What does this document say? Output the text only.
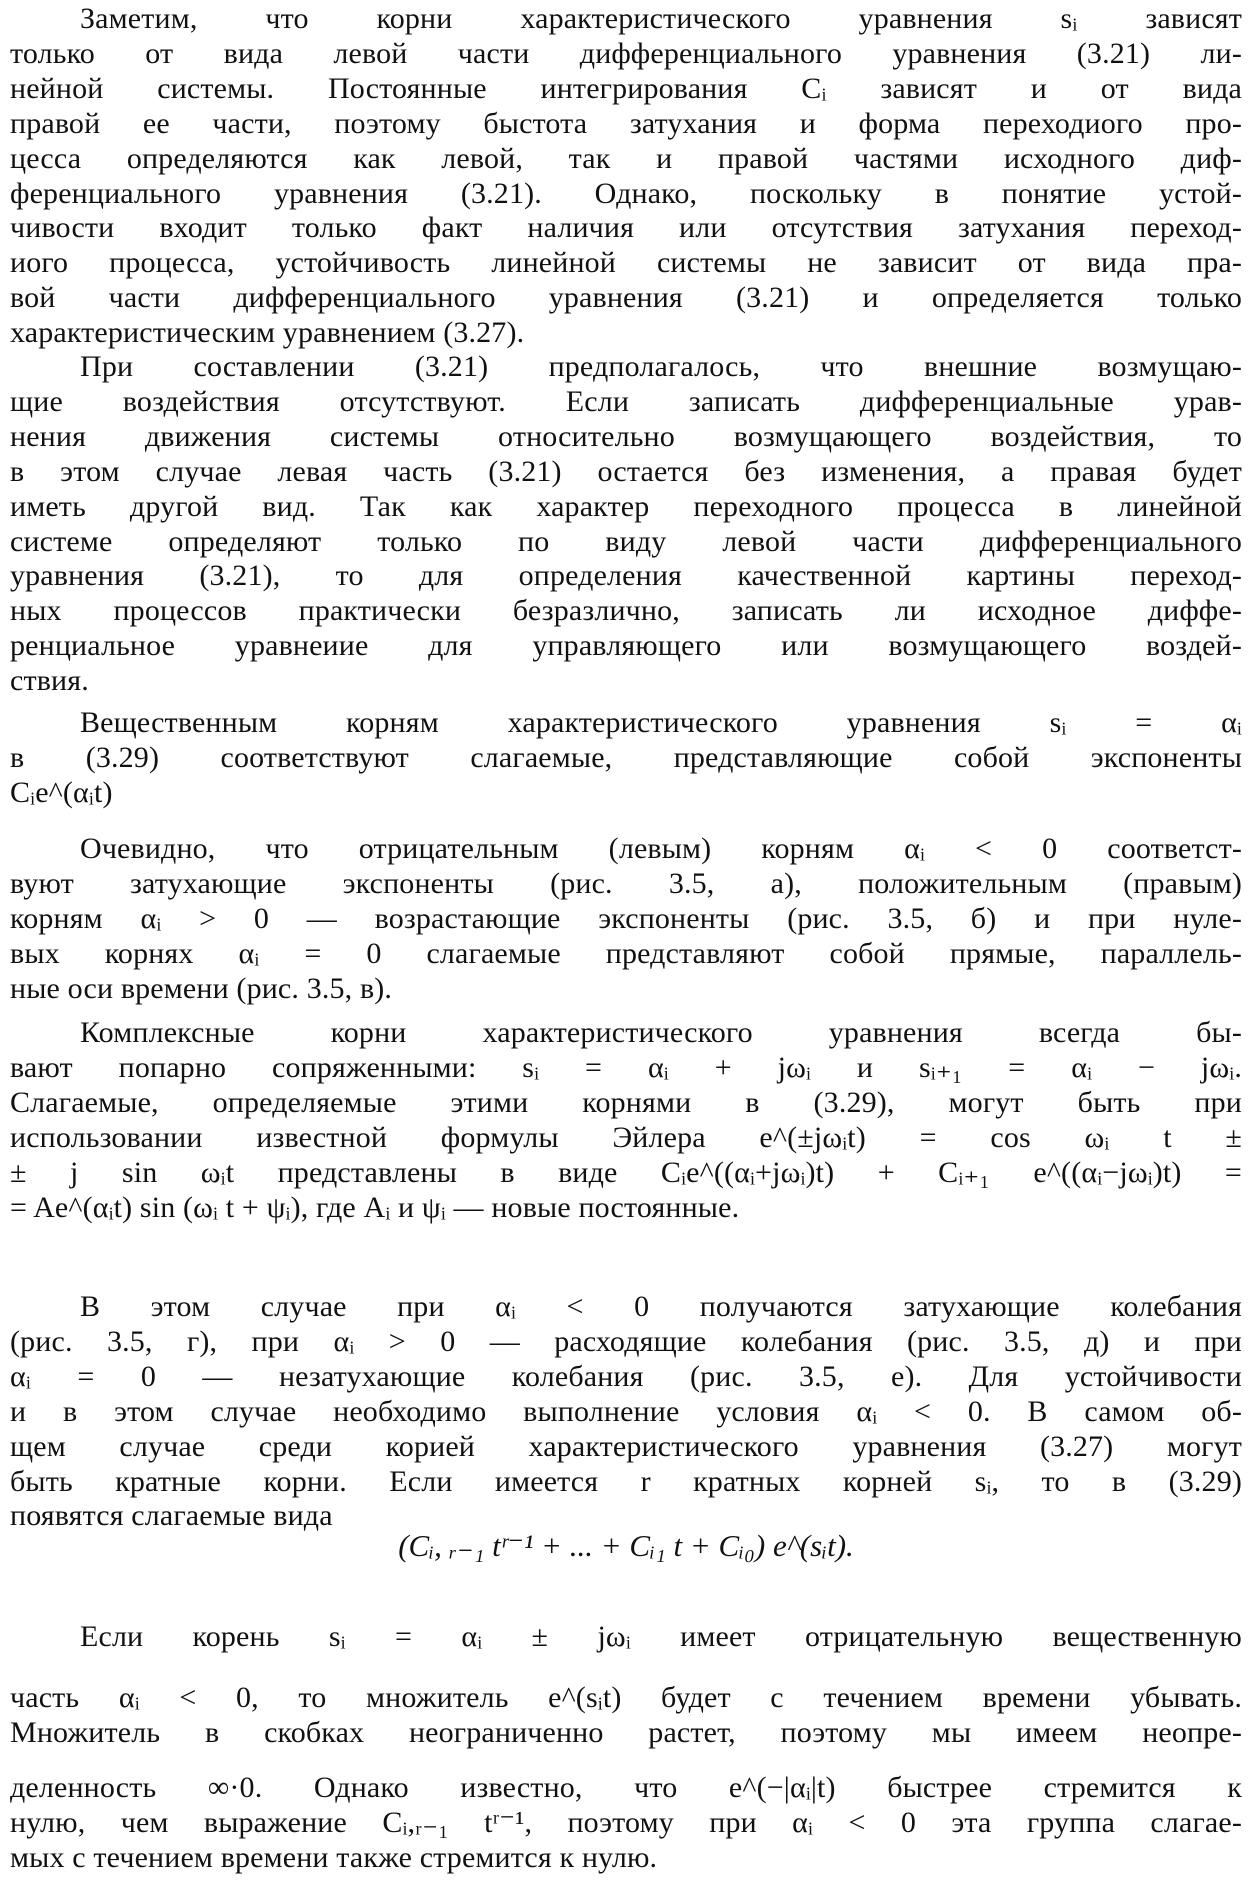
Заметим, что корни характеристического уравнения sᵢ зависят
только от вида левой части дифференциального уравнения (3.21) ли-
нейной системы. Постоянные интегрирования Cᵢ зависят и от вида
правой ее части, поэтому быстота затухания и форма переходиого про-
цесса определяются как левой, так и правой частями исходного диф-
ференциального уравнения (3.21). Однако, поскольку в понятие устой-
чивости входит только факт наличия или отсутствия затухания переход-
иого процесса, устойчивость линейной системы не зависит от вида пра-
вой части дифференциального уравнения (3.21) и определяется только
характеристическим уравнением (3.27).
При составлении (3.21) предполагалось, что внешние возмущаю-
щие воздействия отсутствуют. Если записать дифференциальные урав-
нения движения системы относительно возмущающего воздействия, то
в этом случае левая часть (3.21) остается без изменения, а правая будет
иметь другой вид. Так как характер переходного процесса в линейной
системе определяют только по виду левой части дифференциального
уравнения (3.21), то для определения качественной картины переход-
ных процессов практически безразлично, записать ли исходное диффе-
ренциальное уравнеиие для управляющего или возмущающего воздей-
ствия.
Вещественным корням характеристического уравнения sᵢ = αᵢ
в (3.29) соответствуют слагаемые, представляющие собой экспоненты
Cᵢe^(αᵢt)
Очевидно, что отрицательным (левым) корням αᵢ < 0 соответст-
вуют затухающие экспоненты (рис. 3.5, а), положительным (правым)
корням αᵢ > 0 — возрастающие экспоненты (рис. 3.5, б) и при нуле-
вых корнях αᵢ = 0 слагаемые представляют собой прямые, параллель-
ные оси времени (рис. 3.5, в).
Комплексные корни характеристического уравнения всегда бы-
вают попарно сопряженными: sᵢ = αᵢ + jωᵢ и sᵢ₊₁ = αᵢ − jωᵢ.
Слагаемые, определяемые этими корнями в (3.29), могут быть при
использовании известной формулы Эйлера e^(±jωᵢt) = cos ωᵢ t ±
± j sin ωᵢt представлены в виде Cᵢe^((αᵢ+jωᵢ)t) + Cᵢ₊₁ e^((αᵢ−jωᵢ)t) =
= Ae^(αᵢt) sin (ωᵢ t + ψᵢ), где Aᵢ и ψᵢ — новые постоянные.
В этом случае при αᵢ < 0 получаются затухающие колебания
(рис. 3.5, г), при αᵢ > 0 — расходящие колебания (рис. 3.5, д) и при
αᵢ = 0 — незатухающие колебания (рис. 3.5, е). Для устойчивости
и в этом случае необходимо выполнение условия αᵢ < 0. В самом об-
щем случае среди корией характеристического уравнения (3.27) могут
быть кратные корни. Если имеется r кратных корней sᵢ, то в (3.29)
появятся слагаемые вида
(Cᵢ, ᵣ₋₁ tʳ⁻¹ + ... + Cᵢ₁ t + Cᵢ₀) e^(sᵢt).
Если корень sᵢ = αᵢ ± jωᵢ имеет отрицательную вещественную
часть αᵢ < 0, то множитель e^(sᵢt) будет с течением времени убывать.
Множитель в скобках неограниченно растет, поэтому мы имеем неопре-
деленность ∞·0. Однако известно, что e^(−|αᵢ|t) быстрее стремится к
нулю, чем выражение Cᵢ,ᵣ₋₁ tʳ⁻¹, поэтому при αᵢ < 0 эта группа слагае-
мых с течением времени также стремится к нулю.
